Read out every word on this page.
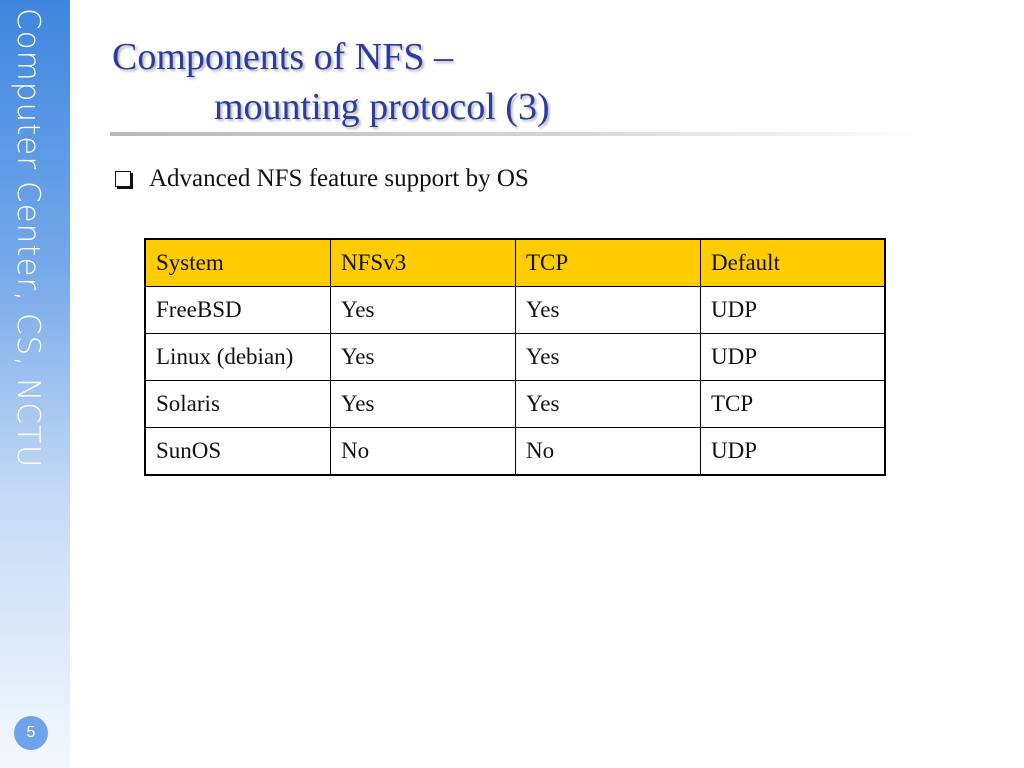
Computer Center, CS, NCTU
5
Components of NFS –
mounting protocol (3)
Advanced NFS feature support by OS
System	NFSv3	TCP	Default
FreeBSD	Yes	Yes	UDP
Linux (debian)	Yes	Yes	UDP
Solaris	Yes	Yes	TCP
SunOS	No	No	UDP
